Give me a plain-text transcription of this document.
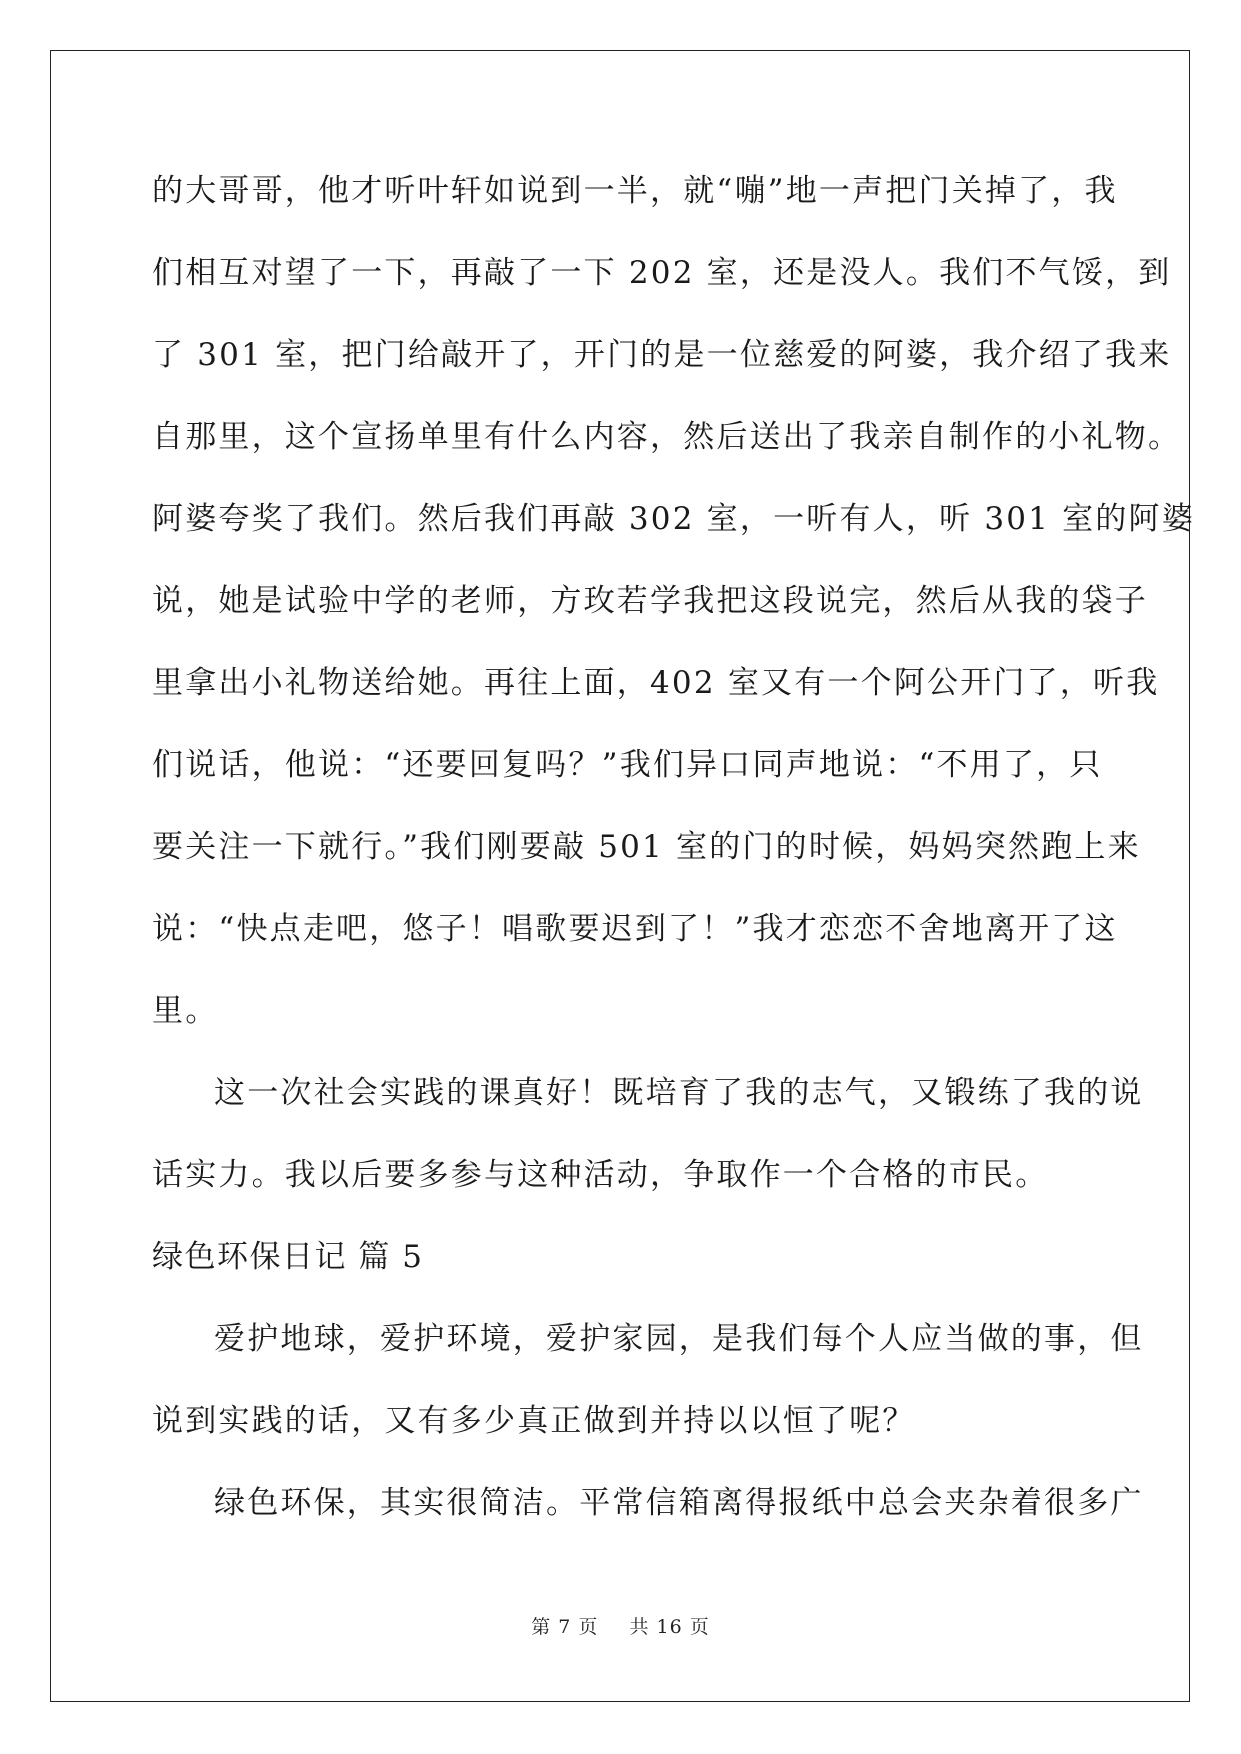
的大哥哥，他才听叶轩如说到一半，就“嘣”地一声把门关掉了，我
们相互对望了一下，再敲了一下 202 室，还是没人。我们不气馁，到
了 301 室，把门给敲开了，开门的是一位慈爱的阿婆，我介绍了我来
自那里，这个宣扬单里有什么内容，然后送出了我亲自制作的小礼物。
阿婆夸奖了我们。然后我们再敲 302 室，一听有人，听 301 室的阿婆
说，她是试验中学的老师，方玫若学我把这段说完，然后从我的袋子
里拿出小礼物送给她。再往上面，402 室又有一个阿公开门了，听我
们说话，他说：“还要回复吗？”我们异口同声地说：“不用了，只
要关注一下就行。”我们刚要敲 501 室的门的时候，妈妈突然跑上来
说：“快点走吧，悠子！唱歌要迟到了！”我才恋恋不舍地离开了这
里。
这一次社会实践的课真好！既培育了我的志气，又锻练了我的说
话实力。我以后要多参与这种活动，争取作一个合格的市民。
绿色环保日记 篇 5
爱护地球，爱护环境，爱护家园，是我们每个人应当做的事，但
说到实践的话，又有多少真正做到并持以以恒了呢？
绿色环保，其实很简洁。平常信箱离得报纸中总会夹杂着很多广
第 7 页 共 16 页
